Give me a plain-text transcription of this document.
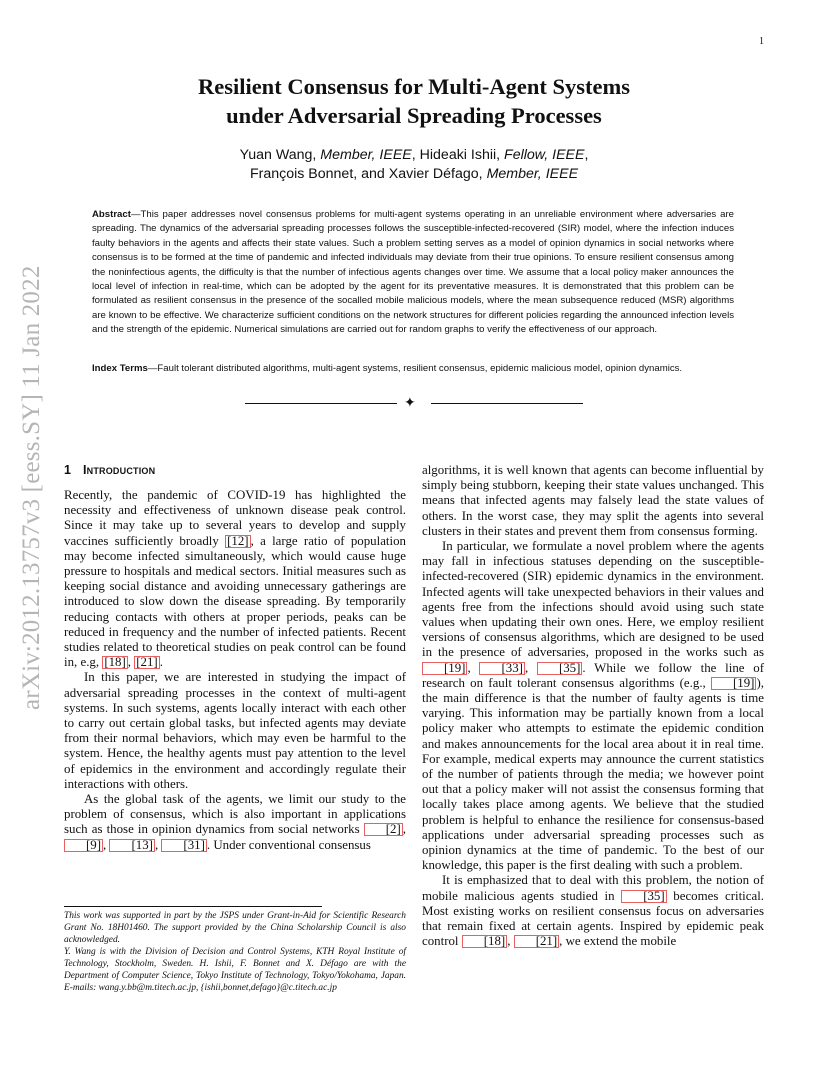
1
arXiv:2012.13757v3 [eess.SY] 11 Jan 2022
Resilient Consensus for Multi-Agent Systems
under Adversarial Spreading Processes
Yuan Wang, Member, IEEE, Hideaki Ishii, Fellow, IEEE,
François Bonnet, and Xavier Défago, Member, IEEE
Abstract—This paper addresses novel consensus problems for multi-agent systems operating in an unreliable environment where adversaries are spreading. The dynamics of the adversarial spreading processes follows the susceptible-infected-recovered (SIR) model, where the infection induces faulty behaviors in the agents and affects their state values. Such a problem setting serves as a model of opinion dynamics in social networks where consensus is to be formed at the time of pandemic and infected individuals may deviate from their true opinions. To ensure resilient consensus among the noninfectious agents, the difficulty is that the number of infectious agents changes over time. We assume that a local policy maker announces the local level of infection in real-time, which can be adopted by the agent for its preventative measures. It is demonstrated that this problem can be formulated as resilient consensus in the presence of the socalled mobile malicious models, where the mean subsequence reduced (MSR) algorithms are known to be effective. We characterize sufficient conditions on the network structures for different policies regarding the announced infection levels and the strength of the epidemic. Numerical simulations are carried out for random graphs to verify the effectiveness of our approach.
Index Terms—Fault tolerant distributed algorithms, multi-agent systems, resilient consensus, epidemic malicious model, opinion dynamics.
✦
1 Introduction

Recently, the pandemic of COVID-19 has highlighted the necessity and effectiveness of unknown disease peak control. Since it may take up to several years to develop and supply vaccines sufficiently broadly [12] , a large ratio of population may become infected simultaneously, which would cause huge pressure to hospitals and medical sectors. Initial measures such as keeping social distance and avoiding unnecessary gatherings are introduced to slow down the disease spreading. By temporarily reducing contacts with others at proper periods, peaks can be reduced in frequency and the number of infected patients. Recent studies related to theoretical studies on peak control can be found in, e.g, [18] , [21] .

In this paper, we are interested in studying the impact of adversarial spreading processes in the context of multi-agent systems. In such systems, agents locally interact with each other to carry out certain global tasks, but infected agents may deviate from their normal behaviors, which may even be harmful to the system. Hence, the healthy agents must pay attention to the level of epidemics in the environment and accordingly regulate their interactions with others.

As the global task of the agents, we limit our study to the problem of consensus, which is also important in applications such as those in opinion dynamics from social networks [2] , [9] , [13] , [31] . Under conventional consensus

algorithms, it is well known that agents can become influential by simply being stubborn, keeping their state values unchanged. This means that infected agents may falsely lead the state values of others. In the worst case, they may split the agents into several clusters in their states and prevent them from consensus forming.

In particular, we formulate a novel problem where the agents may fall in infectious statuses depending on the susceptible-infected-recovered (SIR) epidemic dynamics in the environment. Infected agents will take unexpected behaviors in their values and agents free from the infections should avoid using such state values when updating their own ones. Here, we employ resilient versions of consensus algorithms, which are designed to be used in the presence of adversaries, proposed in the works such as [19] , [33] , [35] . While we follow the line of research on fault tolerant consensus algorithms (e.g., [19] ), the main difference is that the number of faulty agents is time varying. This information may be partially known from a local policy maker who attempts to estimate the epidemic condition and makes announcements for the local area about it in real time. For example, medical experts may announce the current statistics of the number of patients through the media; we however point out that a policy maker will not assist the consensus forming that locally takes place among agents. We believe that the studied problem is helpful to enhance the resilience for consensus-based applications under adversarial spreading processes such as opinion dynamics at the time of pandemic. To the best of our knowledge, this paper is the first dealing with such a problem.

It is emphasized that to deal with this problem, the notion of mobile malicious agents studied in [35] becomes critical. Most existing works on resilient consensus focus on adversaries that remain fixed at certain agents. Inspired by epidemic peak control [18] , [21] , we extend the mobile

This work was supported in part by the JSPS under Grant-in-Aid for Scientific Research Grant No. 18H01460. The support provided by the China Scholarship Council is also acknowledged.

Y. Wang is with the Division of Decision and Control Systems, KTH Royal Institute of Technology, Stockholm, Sweden. H. Ishii, F. Bonnet and X. Défago are with the Department of Computer Science, Tokyo Institute of Technology, Tokyo/Yokohama, Japan. E-mails: wang.y.bb@m.titech.ac.jp, {ishii,bonnet,defago}@c.titech.ac.jp
